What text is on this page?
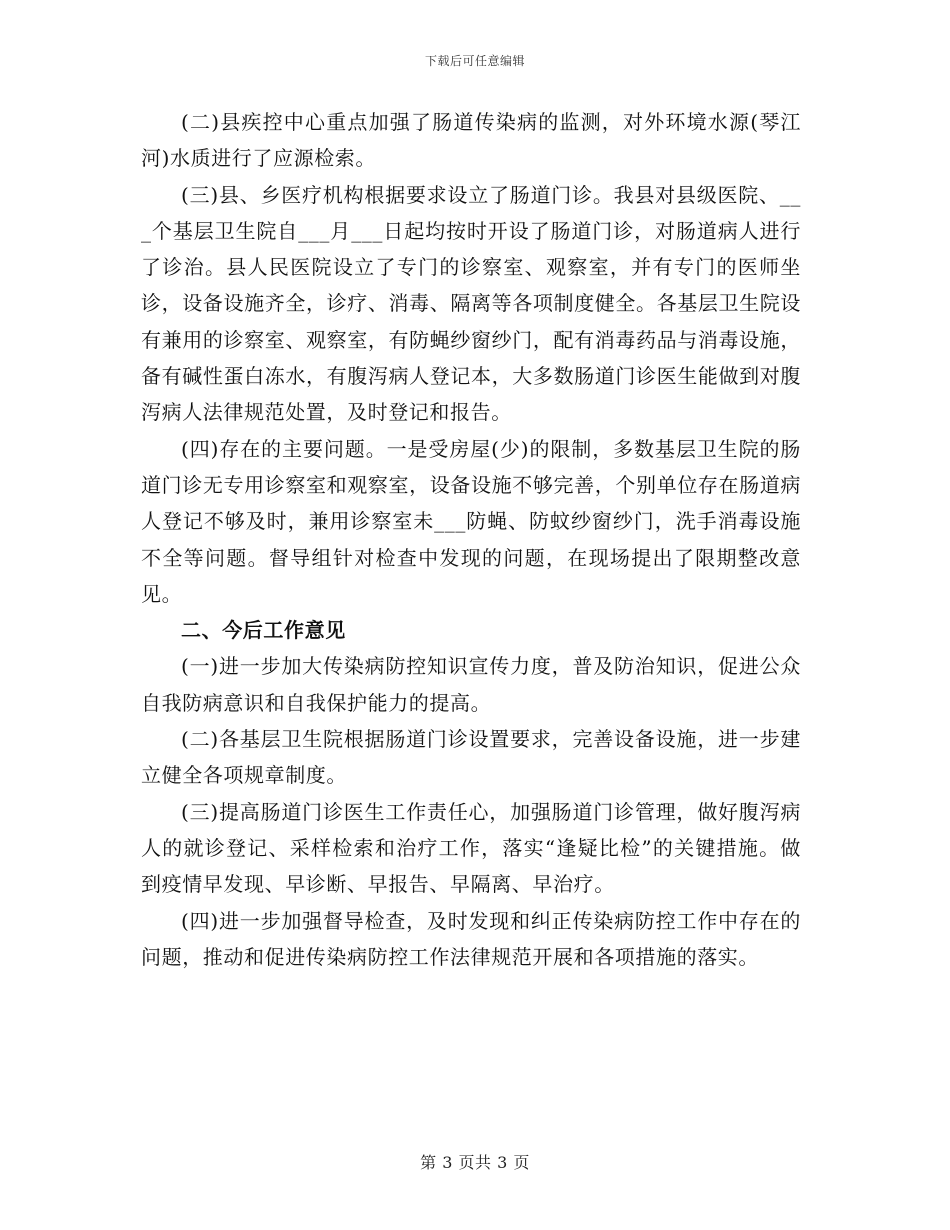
下载后可任意编辑

(二)县疾控中心重点加强了肠道传染病的监测，对外环境水源(琴江河)水质进行了应源检索。

(三)县、乡医疗机构根据要求设立了肠道门诊。我县对县级医院、___个基层卫生院自___月___日起均按时开设了肠道门诊，对肠道病人进行了诊治。县人民医院设立了专门的诊察室、观察室，并有专门的医师坐诊，设备设施齐全，诊疗、消毒、隔离等各项制度健全。各基层卫生院设有兼用的诊察室、观察室，有防蝇纱窗纱门，配有消毒药品与消毒设施，备有碱性蛋白冻水，有腹泻病人登记本，大多数肠道门诊医生能做到对腹泻病人法律规范处置，及时登记和报告。

(四)存在的主要问题。一是受房屋(少)的限制，多数基层卫生院的肠道门诊无专用诊察室和观察室，设备设施不够完善，个别单位存在肠道病人登记不够及时，兼用诊察室未___防蝇、防蚊纱窗纱门，洗手消毒设施不全等问题。督导组针对检查中发现的问题，在现场提出了限期整改意见。

二、今后工作意见

(一)进一步加大传染病防控知识宣传力度，普及防治知识，促进公众自我防病意识和自我保护能力的提高。

(二)各基层卫生院根据肠道门诊设置要求，完善设备设施，进一步建立健全各项规章制度。

(三)提高肠道门诊医生工作责任心，加强肠道门诊管理，做好腹泻病人的就诊登记、采样检索和治疗工作，落实“逢疑比检”的关键措施。做到疫情早发现、早诊断、早报告、早隔离、早治疗。

(四)进一步加强督导检查，及时发现和纠正传染病防控工作中存在的问题，推动和促进传染病防控工作法律规范开展和各项措施的落实。

第 3 页共 3 页
